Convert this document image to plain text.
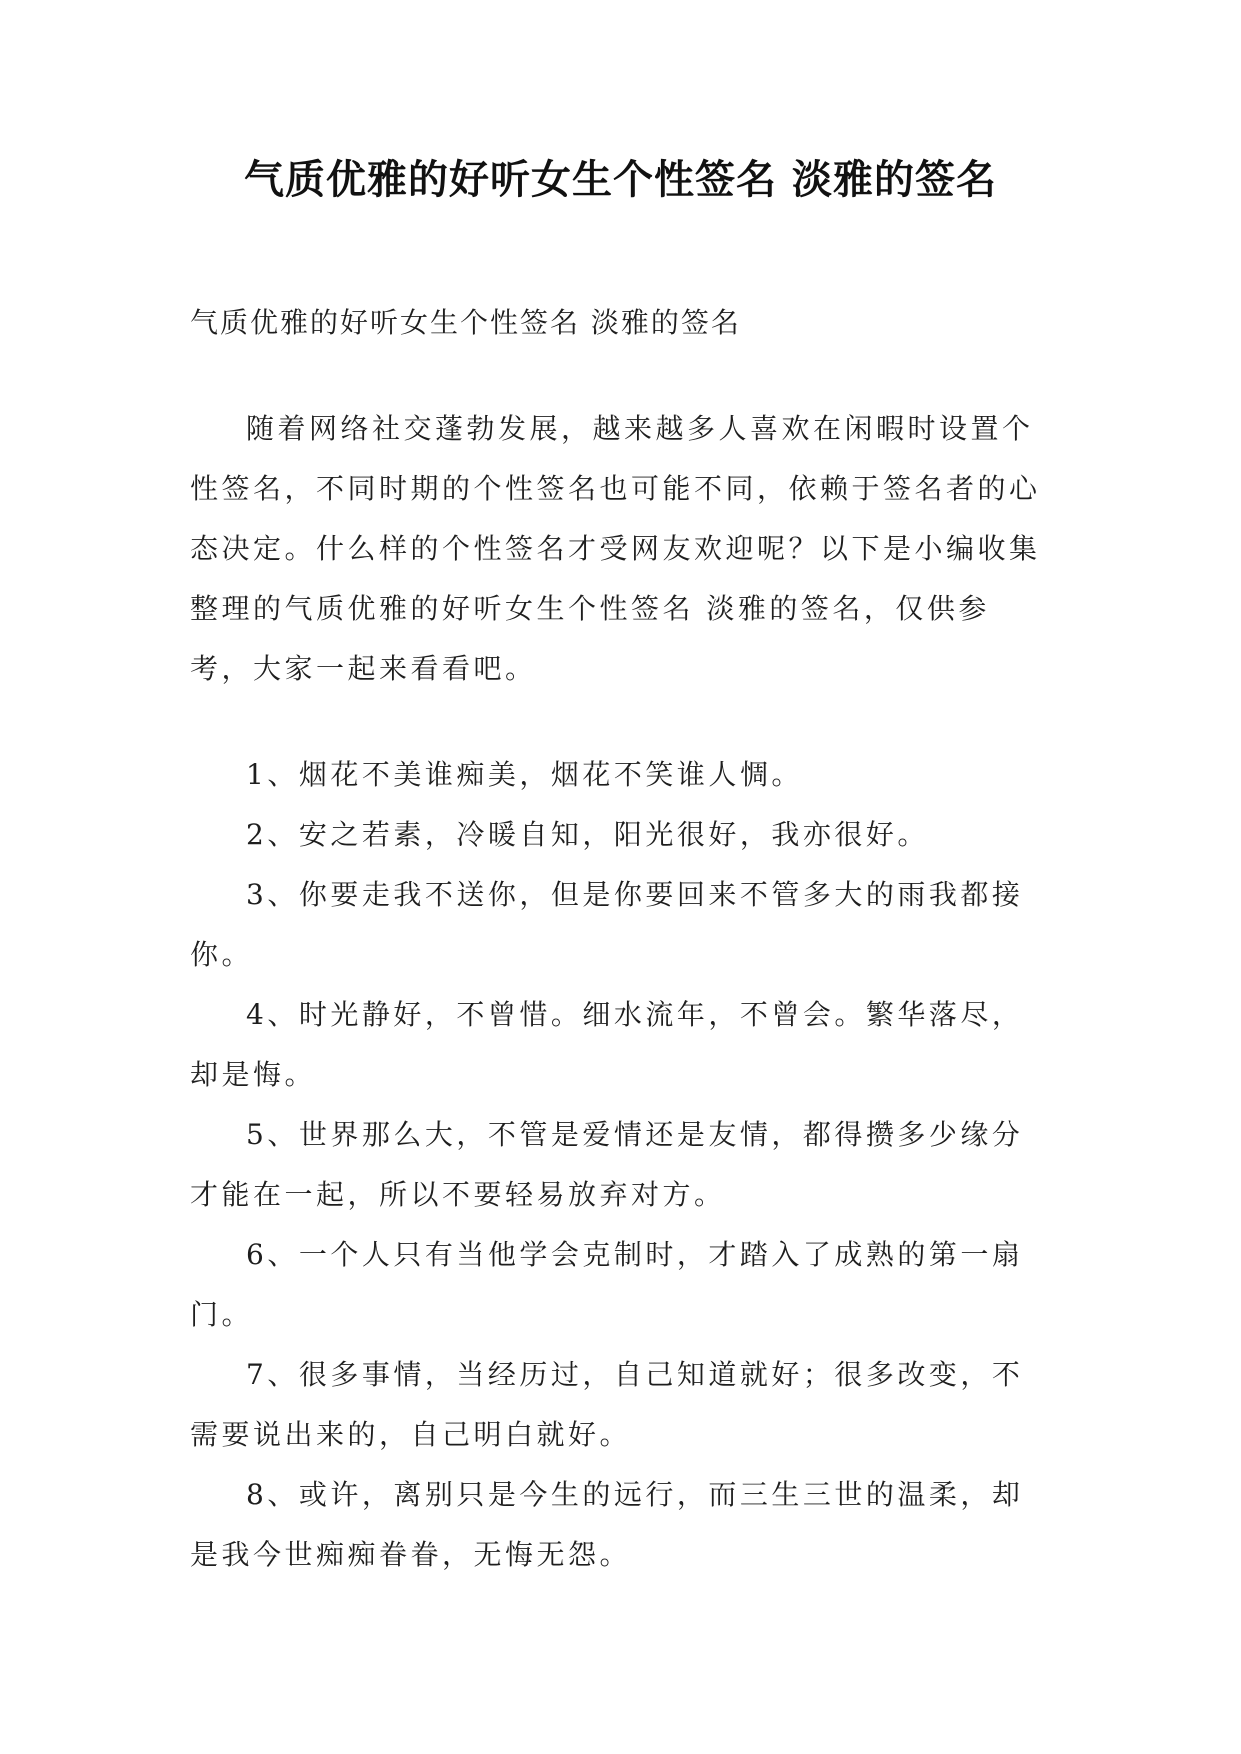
气质优雅的好听女生个性签名 淡雅的签名

气质优雅的好听女生个性签名 淡雅的签名

随着网络社交蓬勃发展，越来越多人喜欢在闲暇时设置个性签名，不同时期的个性签名也可能不同，依赖于签名者的心态决定。什么样的个性签名才受网友欢迎呢？以下是小编收集整理的气质优雅的好听女生个性签名 淡雅的签名，仅供参考，大家一起来看看吧。

1、烟花不美谁痴美，烟花不笑谁人惆。

2、安之若素，冷暖自知，阳光很好，我亦很好。

3、你要走我不送你，但是你要回来不管多大的雨我都接你。

4、时光静好，不曾惜。细水流年，不曾会。繁华落尽，却是悔。

5、世界那么大，不管是爱情还是友情，都得攒多少缘分才能在一起，所以不要轻易放弃对方。

6、一个人只有当他学会克制时，才踏入了成熟的第一扇门。

7、很多事情，当经历过，自己知道就好；很多改变，不需要说出来的，自己明白就好。

8、或许，离别只是今生的远行，而三生三世的温柔，却是我今世痴痴眷眷，无悔无怨。
